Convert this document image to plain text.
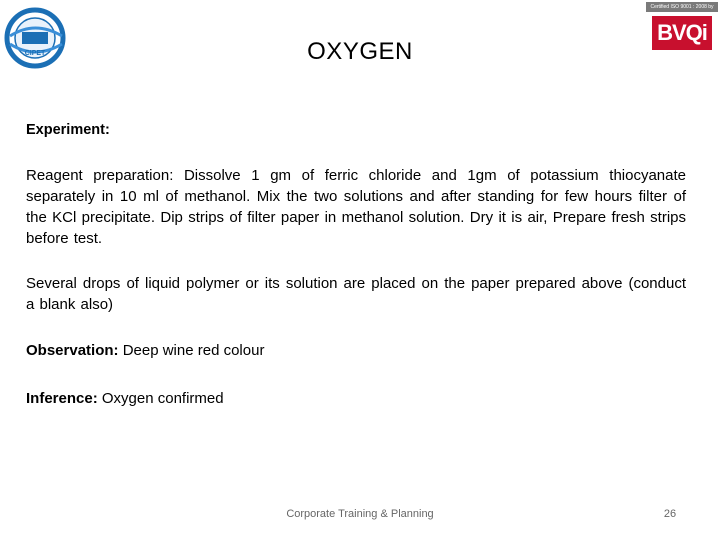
CIPET
Certified ISO 9001 : 2008 by
BVQi
OXYGEN
Experiment:
Reagent preparation: Dissolve 1 gm of ferric chloride and 1gm of potassium thiocyanate separately in 10 ml of methanol. Mix the two solutions and after standing for few hours filter of the KCl precipitate. Dip strips of filter paper in methanol solution. Dry it is air, Prepare fresh strips before test.
Several drops of liquid polymer or its solution are placed on the paper prepared above (conduct a blank also)
Observation: Deep wine red colour
Inference: Oxygen confirmed
Corporate Training & Planning	26
